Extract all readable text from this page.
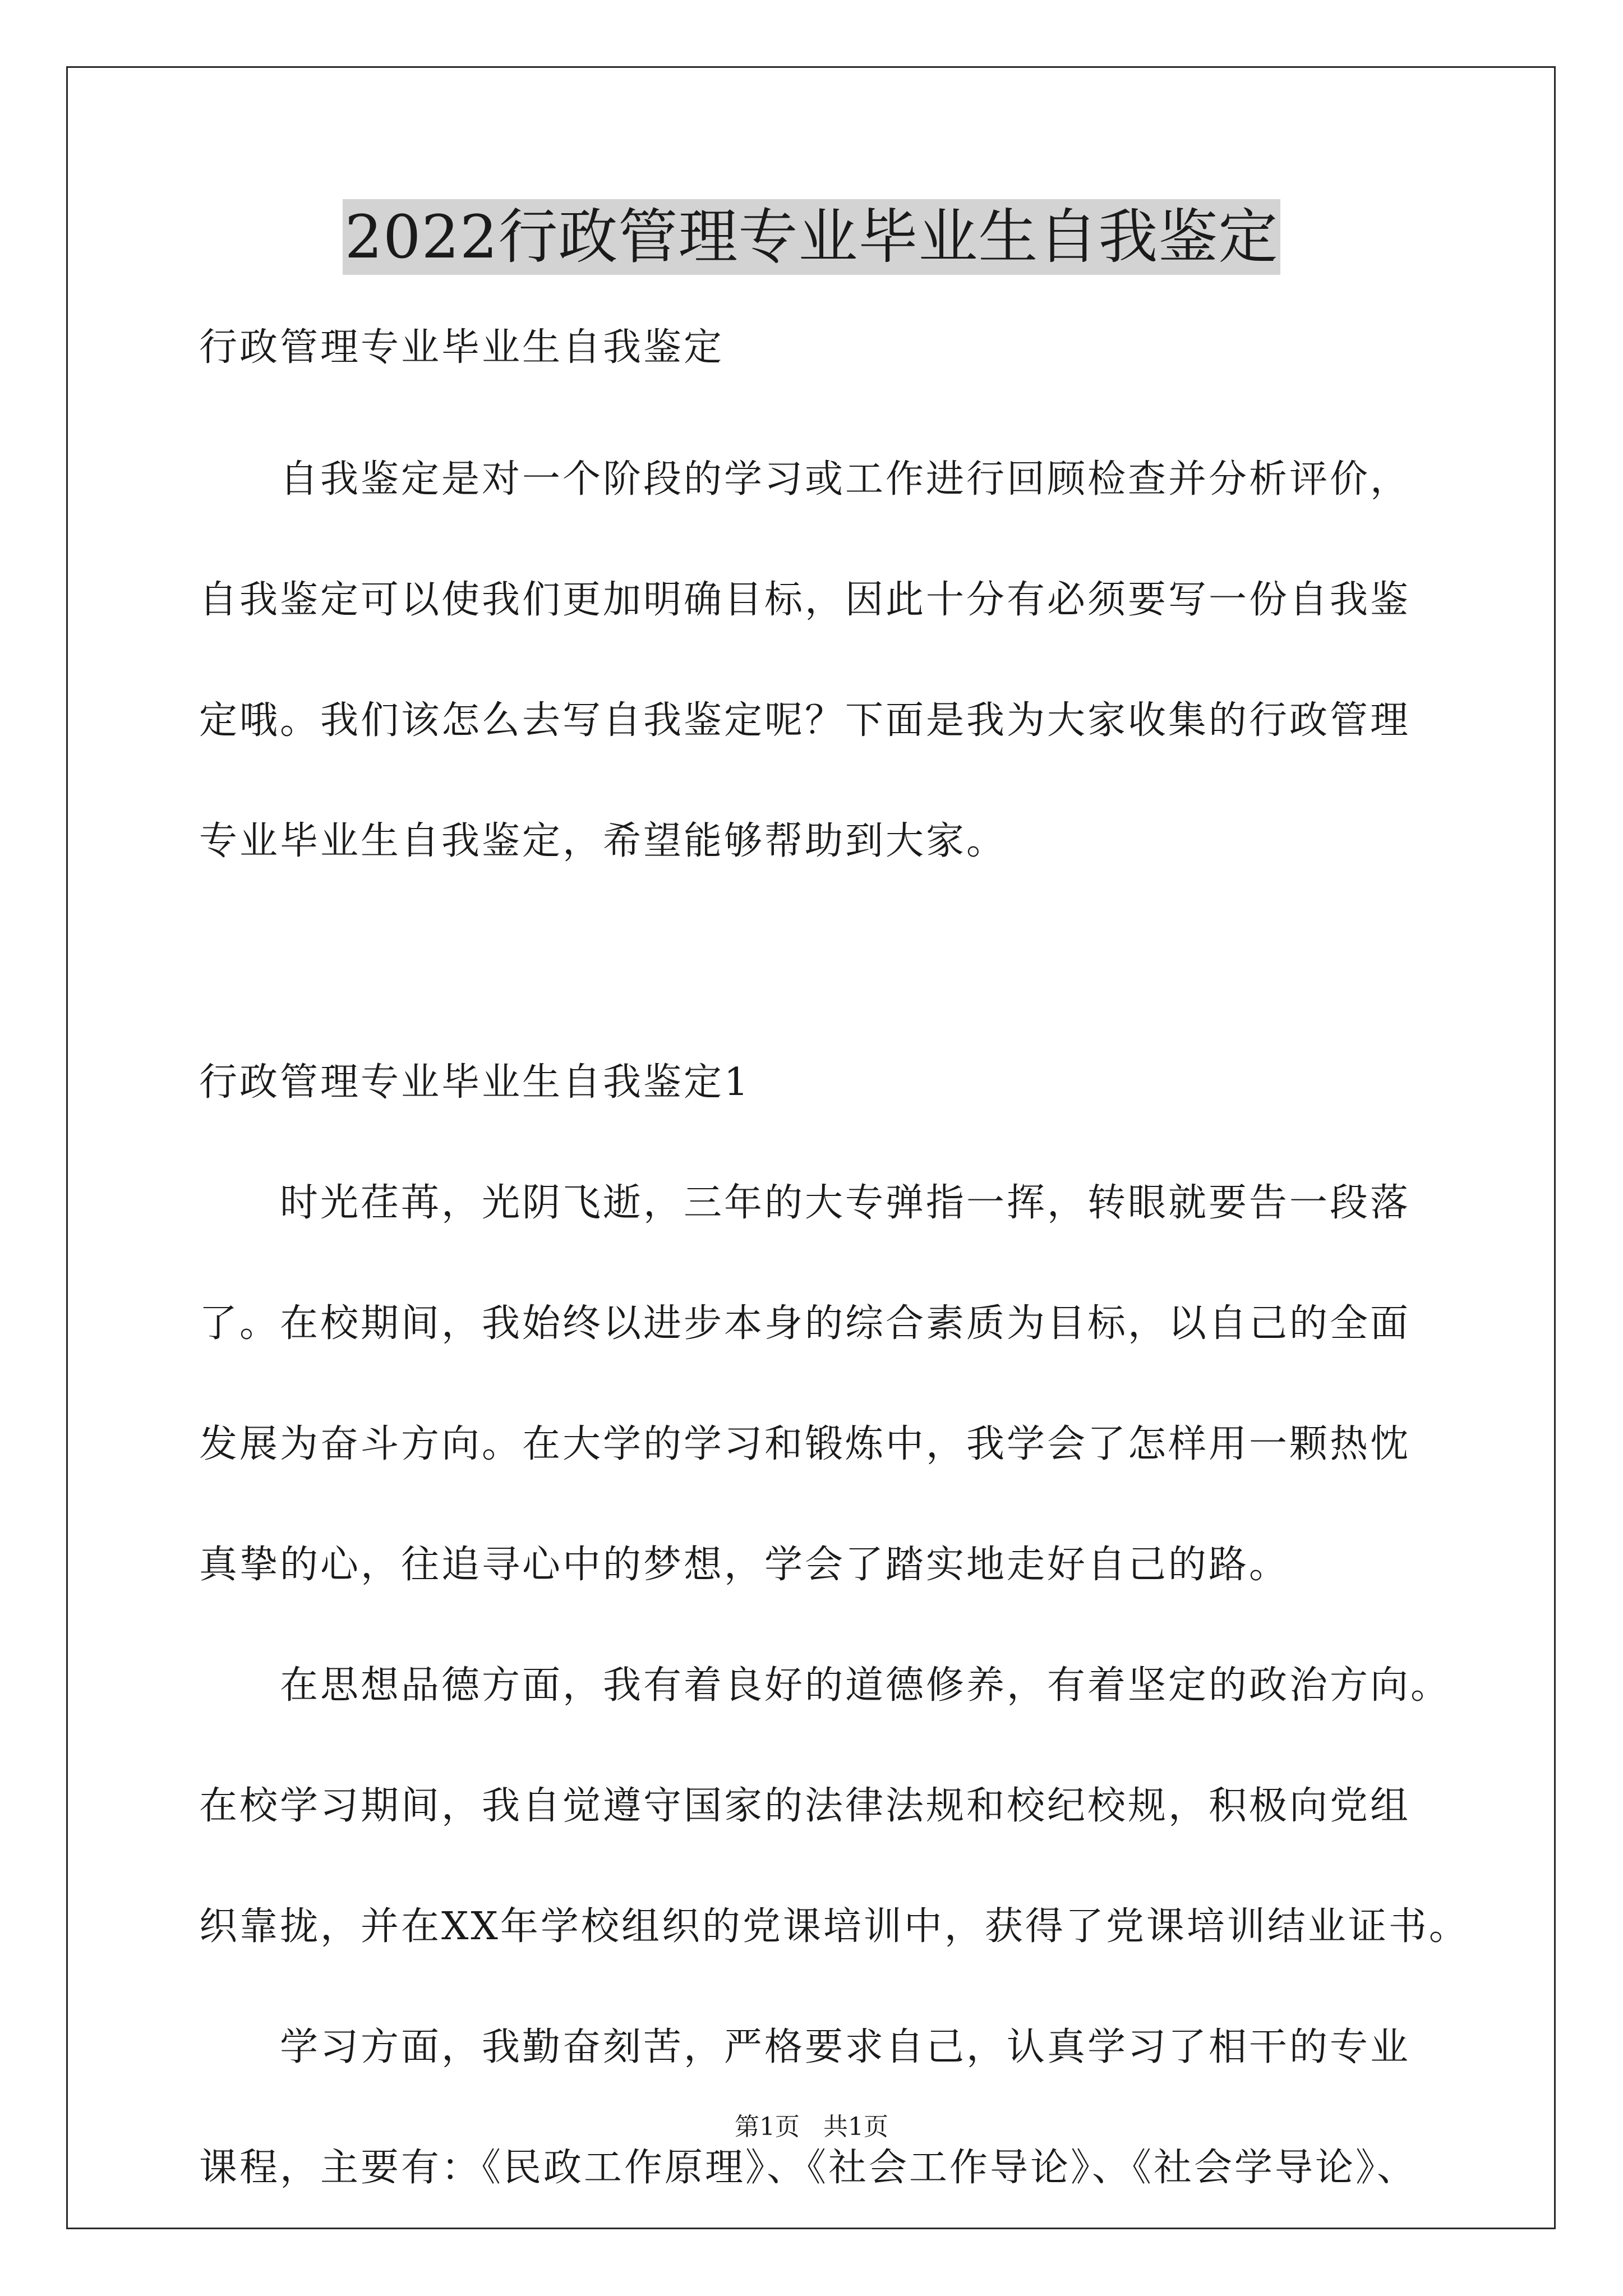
2022行政管理专业毕业生自我鉴定

行政管理专业毕业生自我鉴定

　　自我鉴定是对一个阶段的学习或工作进行回顾检查并分析评价，

自我鉴定可以使我们更加明确目标，因此十分有必须要写一份自我鉴

定哦。我们该怎么去写自我鉴定呢？下面是我为大家收集的行政管理

专业毕业生自我鉴定，希望能够帮助到大家。

行政管理专业毕业生自我鉴定1

　　时光荏苒，光阴飞逝，三年的大专弹指一挥，转眼就要告一段落

了。在校期间，我始终以进步本身的综合素质为目标，以自己的全面

发展为奋斗方向。在大学的学习和锻炼中，我学会了怎样用一颗热忱

真挚的心，往追寻心中的梦想，学会了踏实地走好自己的路。

　　在思想品德方面，我有着良好的道德修养，有着坚定的政治方向。

在校学习期间，我自觉遵守国家的法律法规和校纪校规，积极向党组

织靠拢，并在XX年学校组织的党课培训中，获得了党课培训结业证书。

　　学习方面，我勤奋刻苦，严格要求自己，认真学习了相干的专业

课程，主要有：《民政工作原理》、《社会工作导论》、《社会学导论》、

第1页 共1页
